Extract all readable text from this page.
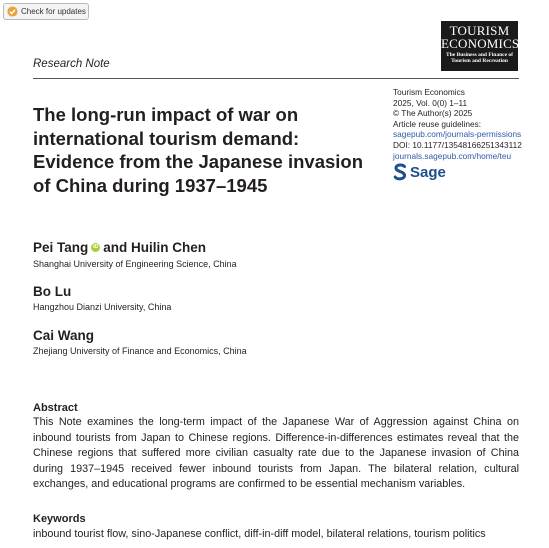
Check for updates
TOURISM
ECONOMICS
The Business and Finance of Tourism and Recreation
Research Note
Tourism Economics
2025, Vol. 0(0) 1–11
© The Author(s) 2025
Article reuse guidelines:
sagepub.com/journals-permissions
DOI: 10.1177/13548166251343112
journals.sagepub.com/home/teu
Sage
The long-run impact of war on international tourism demand: Evidence from the Japanese invasion of China during 1937–1945
Pei Tang iD and Huilin Chen
Shanghai University of Engineering Science, China
Bo Lu
Hangzhou Dianzi University, China
Cai Wang
Zhejiang University of Finance and Economics, China
Abstract

This Note examines the long-term impact of the Japanese War of Aggression against China on inbound tourists from Japan to Chinese regions. Difference-in-differences estimates reveal that the Chinese regions that suffered more civilian casualty rate due to the Japanese invasion of China during 1937–1945 received fewer inbound tourists from Japan. The bilateral relation, cultural exchanges, and educational programs are confirmed to be essential mechanism variables.

Keywords

inbound tourist flow, sino-Japanese conflict, diff-in-diff model, bilateral relations, tourism politics
